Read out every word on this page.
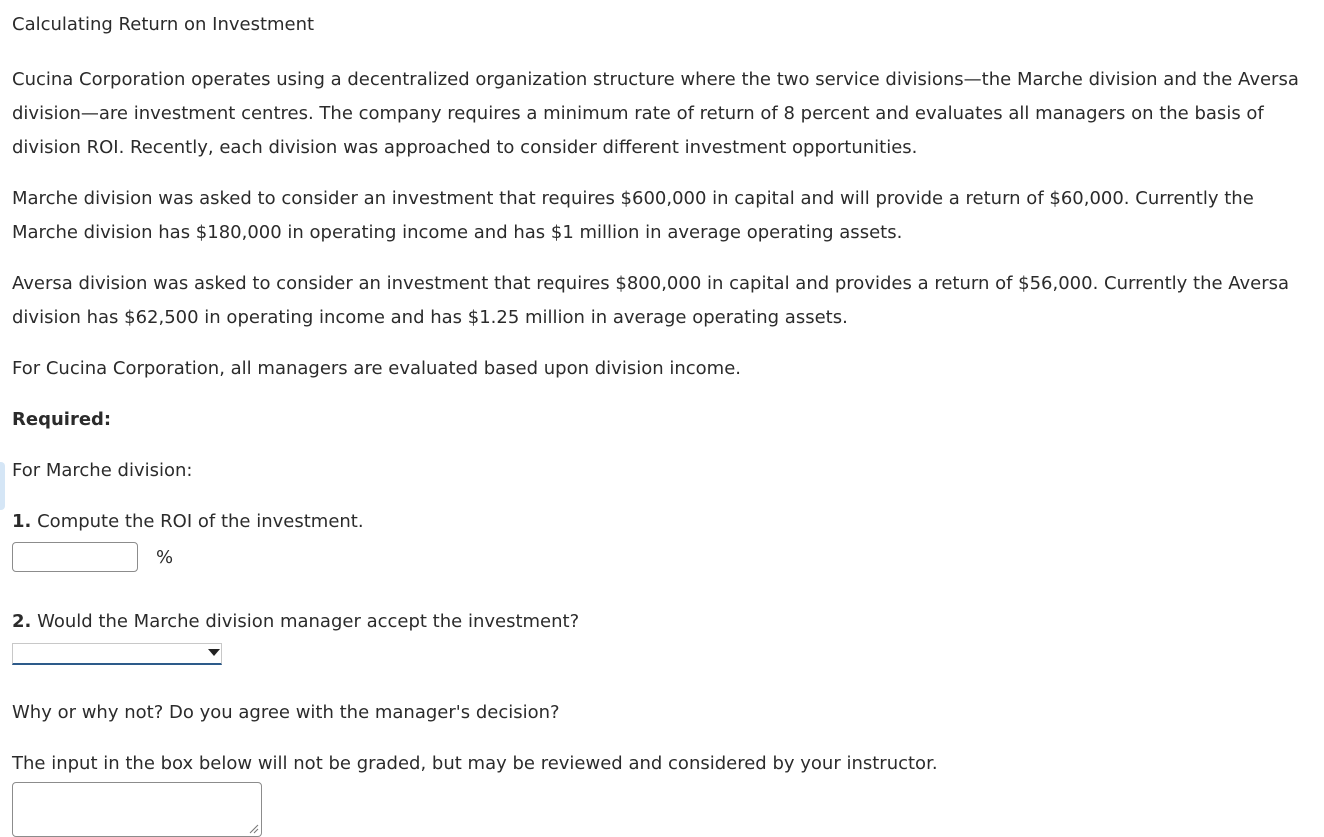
Calculating Return on Investment
Cucina Corporation operates using a decentralized organization structure where the two service divisions—the Marche division and the Aversa division—are investment centres. The company requires a minimum rate of return of 8 percent and evaluates all managers on the basis of division ROI. Recently, each division was approached to consider different investment opportunities.
Marche division was asked to consider an investment that requires $600,000 in capital and will provide a return of $60,000. Currently the Marche division has $180,000 in operating income and has $1 million in average operating assets.
Aversa division was asked to consider an investment that requires $800,000 in capital and provides a return of $56,000. Currently the Aversa division has $62,500 in operating income and has $1.25 million in average operating assets.
For Cucina Corporation, all managers are evaluated based upon division income.
Required:
For Marche division:
1. Compute the ROI of the investment.
%
2. Would the Marche division manager accept the investment?
Why or why not? Do you agree with the manager's decision?
The input in the box below will not be graded, but may be reviewed and considered by your instructor.
